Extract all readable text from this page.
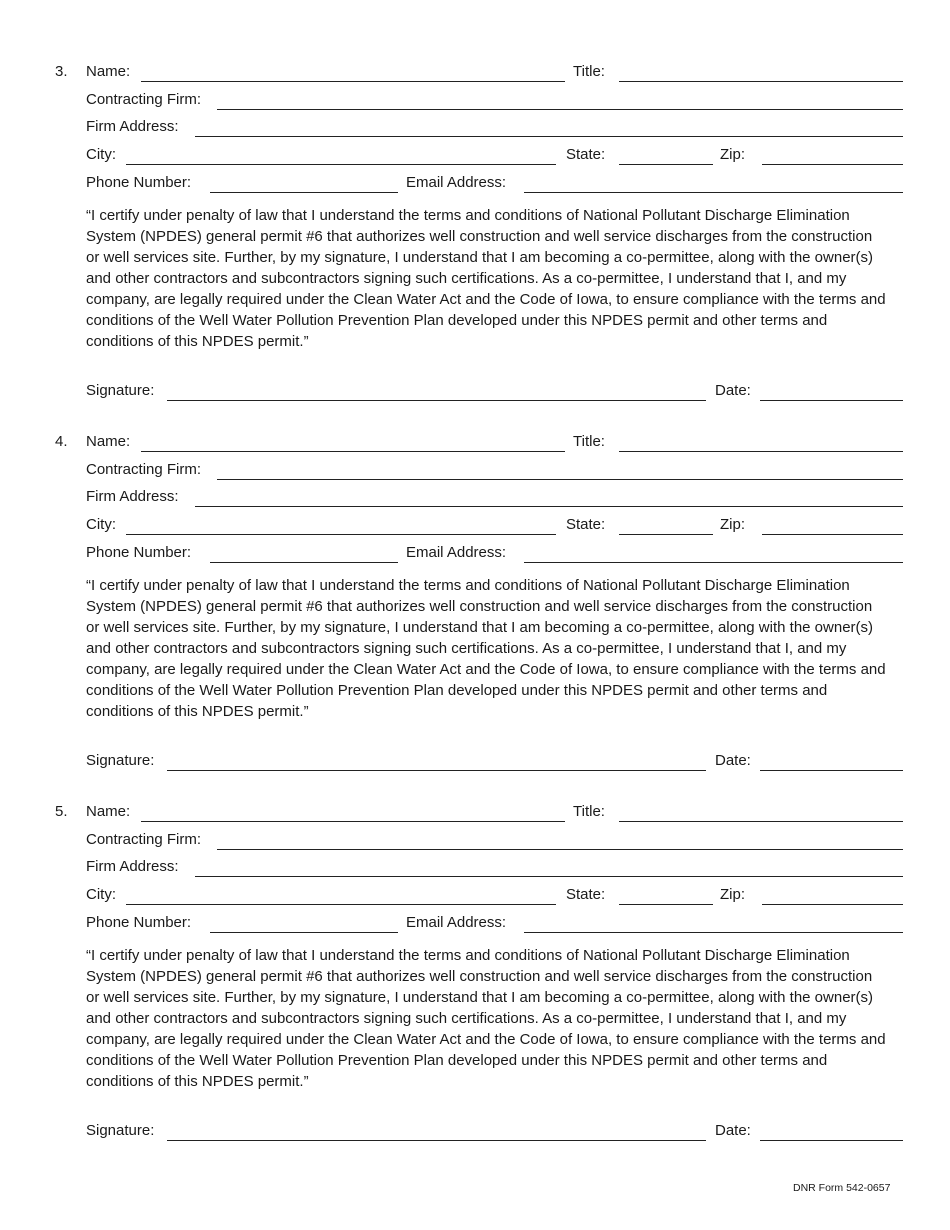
3. Name:	Title:
Contracting Firm:
Firm Address:
City:	State:	Zip:
Phone Number:	Email Address:

“I certify under penalty of law that I understand the terms and conditions of National Pollutant Discharge Elimination System (NPDES) general permit #6 that authorizes well construction and well service discharges from the construction or well services site. Further, by my signature, I understand that I am becoming a co-permittee, along with the owner(s) and other contractors and subcontractors signing such certifications. As a co-permittee, I understand that I, and my company, are legally required under the Clean Water Act and the Code of Iowa, to ensure compliance with the terms and conditions of the Well Water Pollution Prevention Plan developed under this NPDES permit and other terms and conditions of this NPDES permit.”

Signature:	Date:
4. Name:	Title:
Contracting Firm:
Firm Address:
City:	State:	Zip:
Phone Number:	Email Address:

“I certify under penalty of law that I understand the terms and conditions of National Pollutant Discharge Elimination System (NPDES) general permit #6 that authorizes well construction and well service discharges from the construction or well services site. Further, by my signature, I understand that I am becoming a co-permittee, along with the owner(s) and other contractors and subcontractors signing such certifications. As a co-permittee, I understand that I, and my company, are legally required under the Clean Water Act and the Code of Iowa, to ensure compliance with the terms and conditions of the Well Water Pollution Prevention Plan developed under this NPDES permit and other terms and conditions of this NPDES permit.”

Signature:	Date:
5. Name:	Title:
Contracting Firm:
Firm Address:
City:	State:	Zip:
Phone Number:	Email Address:

“I certify under penalty of law that I understand the terms and conditions of National Pollutant Discharge Elimination System (NPDES) general permit #6 that authorizes well construction and well service discharges from the construction or well services site. Further, by my signature, I understand that I am becoming a co-permittee, along with the owner(s) and other contractors and subcontractors signing such certifications. As a co-permittee, I understand that I, and my company, are legally required under the Clean Water Act and the Code of Iowa, to ensure compliance with the terms and conditions of the Well Water Pollution Prevention Plan developed under this NPDES permit and other terms and conditions of this NPDES permit.”

Signature:	Date:
DNR Form 542-0657
